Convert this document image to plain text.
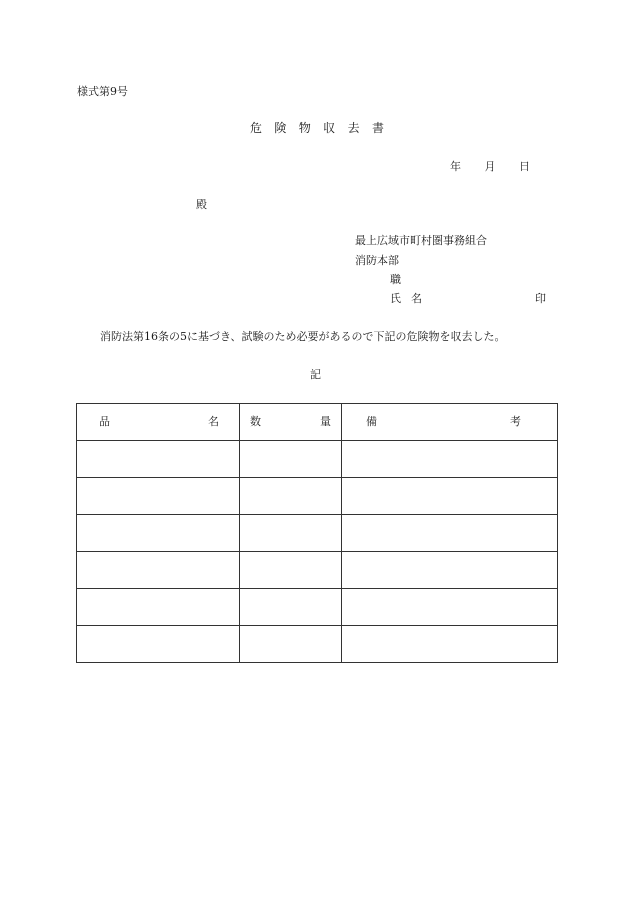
様式第9号
危 険 物 収 去 書
年 月 日
殿
最上広域市町村圏事務組合
消防本部
職
氏 名	印
消防法第16条の5に基づき、試験のため必要があるので下記の危険物を収去した。
記
品 名	数 量	備 考
